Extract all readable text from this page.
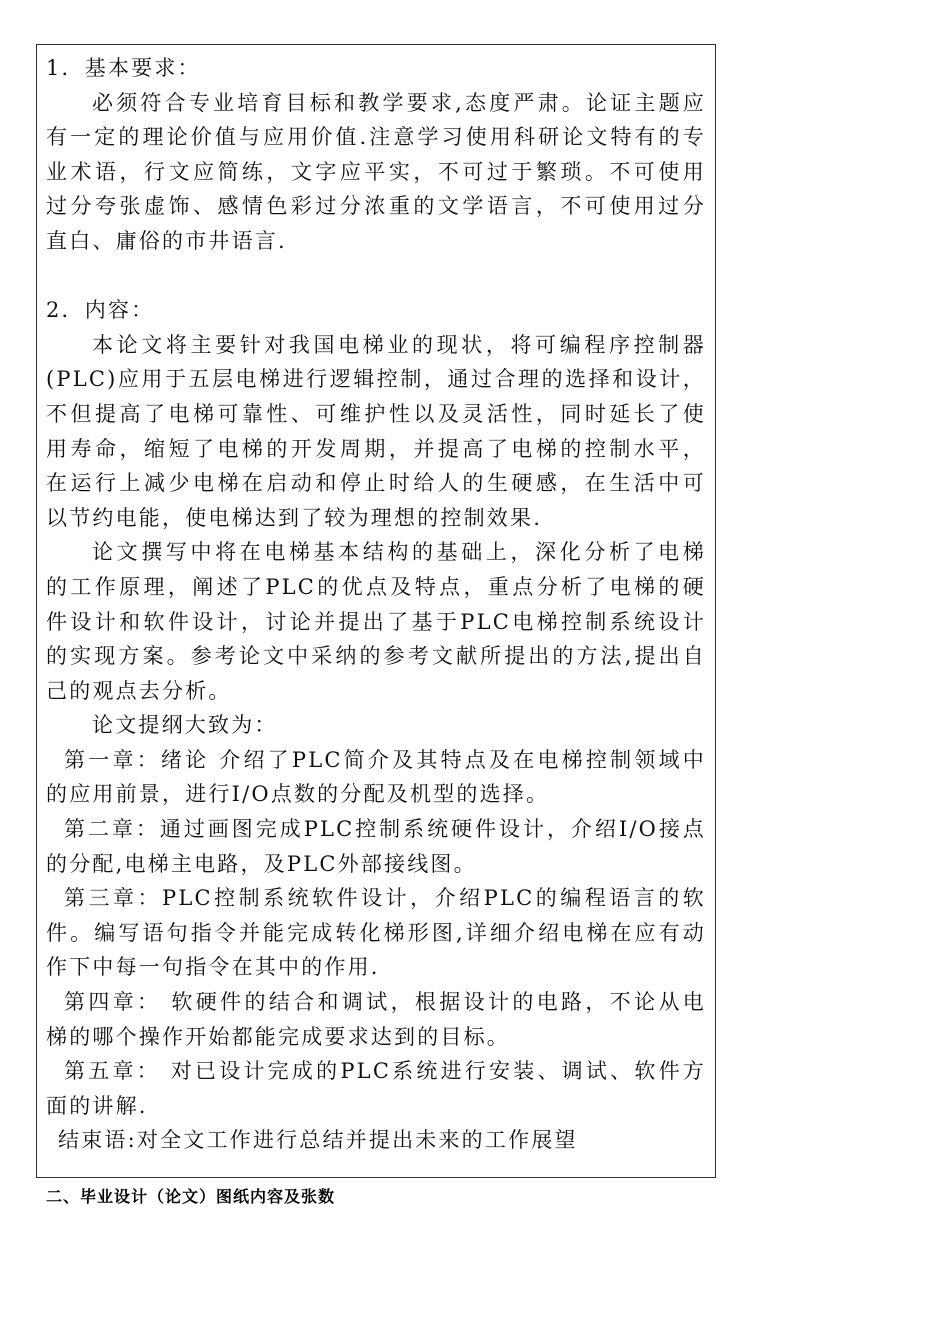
1．基本要求：
必须符合专业培育目标和教学要求,态度严肃。论证主题应
有一定的理论价值与应用价值.注意学习使用科研论文特有的专
业术语，行文应简练，文字应平实，不可过于繁琐。不可使用
过分夸张虚饰、感情色彩过分浓重的文学语言，不可使用过分
直白、庸俗的市井语言.
2．内容：
本论文将主要针对我国电梯业的现状，将可编程序控制器
(PLC)应用于五层电梯进行逻辑控制，通过合理的选择和设计，
不但提高了电梯可靠性、可维护性以及灵活性，同时延长了使
用寿命，缩短了电梯的开发周期，并提高了电梯的控制水平，
在运行上减少电梯在启动和停止时给人的生硬感，在生活中可
以节约电能，使电梯达到了较为理想的控制效果.
论文撰写中将在电梯基本结构的基础上，深化分析了电梯
的工作原理，阐述了PLC的优点及特点，重点分析了电梯的硬
件设计和软件设计，讨论并提出了基于PLC电梯控制系统设计
的实现方案。参考论文中采纳的参考文献所提出的方法,提出自
己的观点去分析。
论文提纲大致为：
第一章：绪论 介绍了PLC简介及其特点及在电梯控制领域中
的应用前景，进行I/O点数的分配及机型的选择。
第二章：通过画图完成PLC控制系统硬件设计，介绍I/O接点
的分配,电梯主电路，及PLC外部接线图。
第三章：PLC控制系统软件设计，介绍PLC的编程语言的软
件。编写语句指令并能完成转化梯形图,详细介绍电梯在应有动
作下中每一句指令在其中的作用.
第四章： 软硬件的结合和调试，根据设计的电路，不论从电
梯的哪个操作开始都能完成要求达到的目标。
第五章： 对已设计完成的PLC系统进行安装、调试、软件方
面的讲解.
结束语:对全文工作进行总结并提出未来的工作展望
二、毕业设计（论文）图纸内容及张数
